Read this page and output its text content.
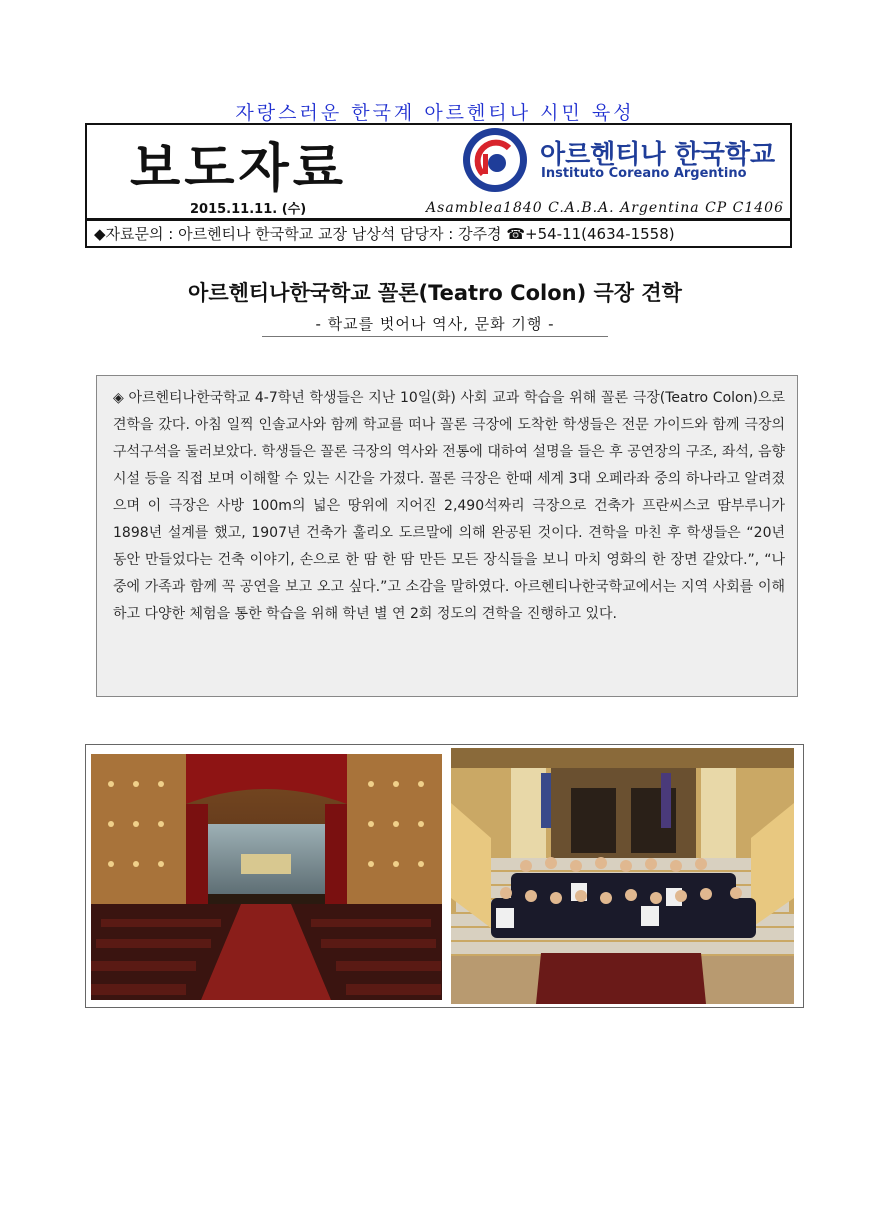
자랑스러운 한국계 아르헨티나 시민 육성
보도자료	아르헨티나 한국학교
Instituto Coreano Argentino
2015.11.11. (수)	Asamblea1840 C.A.B.A. Argentina CP C1406
◆자료문의 : 아르헨티나 한국학교 교장 남상석 담당자 : 강주경 ☎+54-11(4634-1558)
아르헨티나한국학교 꼴론(Teatro Colon) 극장 견학
- 학교를 벗어나 역사, 문화 기행 -
◈ 아르헨티나한국학교 4-7학년 학생들은 지난 10일(화) 사회 교과 학습을 위해 꼴론 극장(Teatro Colon)으로 견학을 갔다. 아침 일찍 인솔교사와 함께 학교를 떠나 꼴론 극장에 도착한 학생들은 전문 가이드와 함께 극장의 구석구석을 둘러보았다. 학생들은 꼴론 극장의 역사와 전통에 대하여 설명을 들은 후 공연장의 구조, 좌석, 음향시설 등을 직접 보며 이해할 수 있는 시간을 가졌다. 꼴론 극장은 한때 세계 3대 오페라좌 중의 하나라고 알려졌으며 이 극장은 사방 100m의 넓은 땅위에 지어진 2,490석짜리 극장으로 건축가 프란씨스코 땀부루니가 1898년 설계를 했고, 1907년 건축가 훌리오 도르말에 의해 완공된 것이다. 견학을 마친 후 학생들은 “20년 동안 만들었다는 건축 이야기, 손으로 한 땀 한 땀 만든 모든 장식들을 보니 마치 영화의 한 장면 같았다.”, “나중에 가족과 함께 꼭 공연을 보고 오고 싶다.”고 소감을 말하였다. 아르헨티나한국학교에서는 지역 사회를 이해하고 다양한 체험을 통한 학습을 위해 학년 별 연 2회 정도의 견학을 진행하고 있다.
